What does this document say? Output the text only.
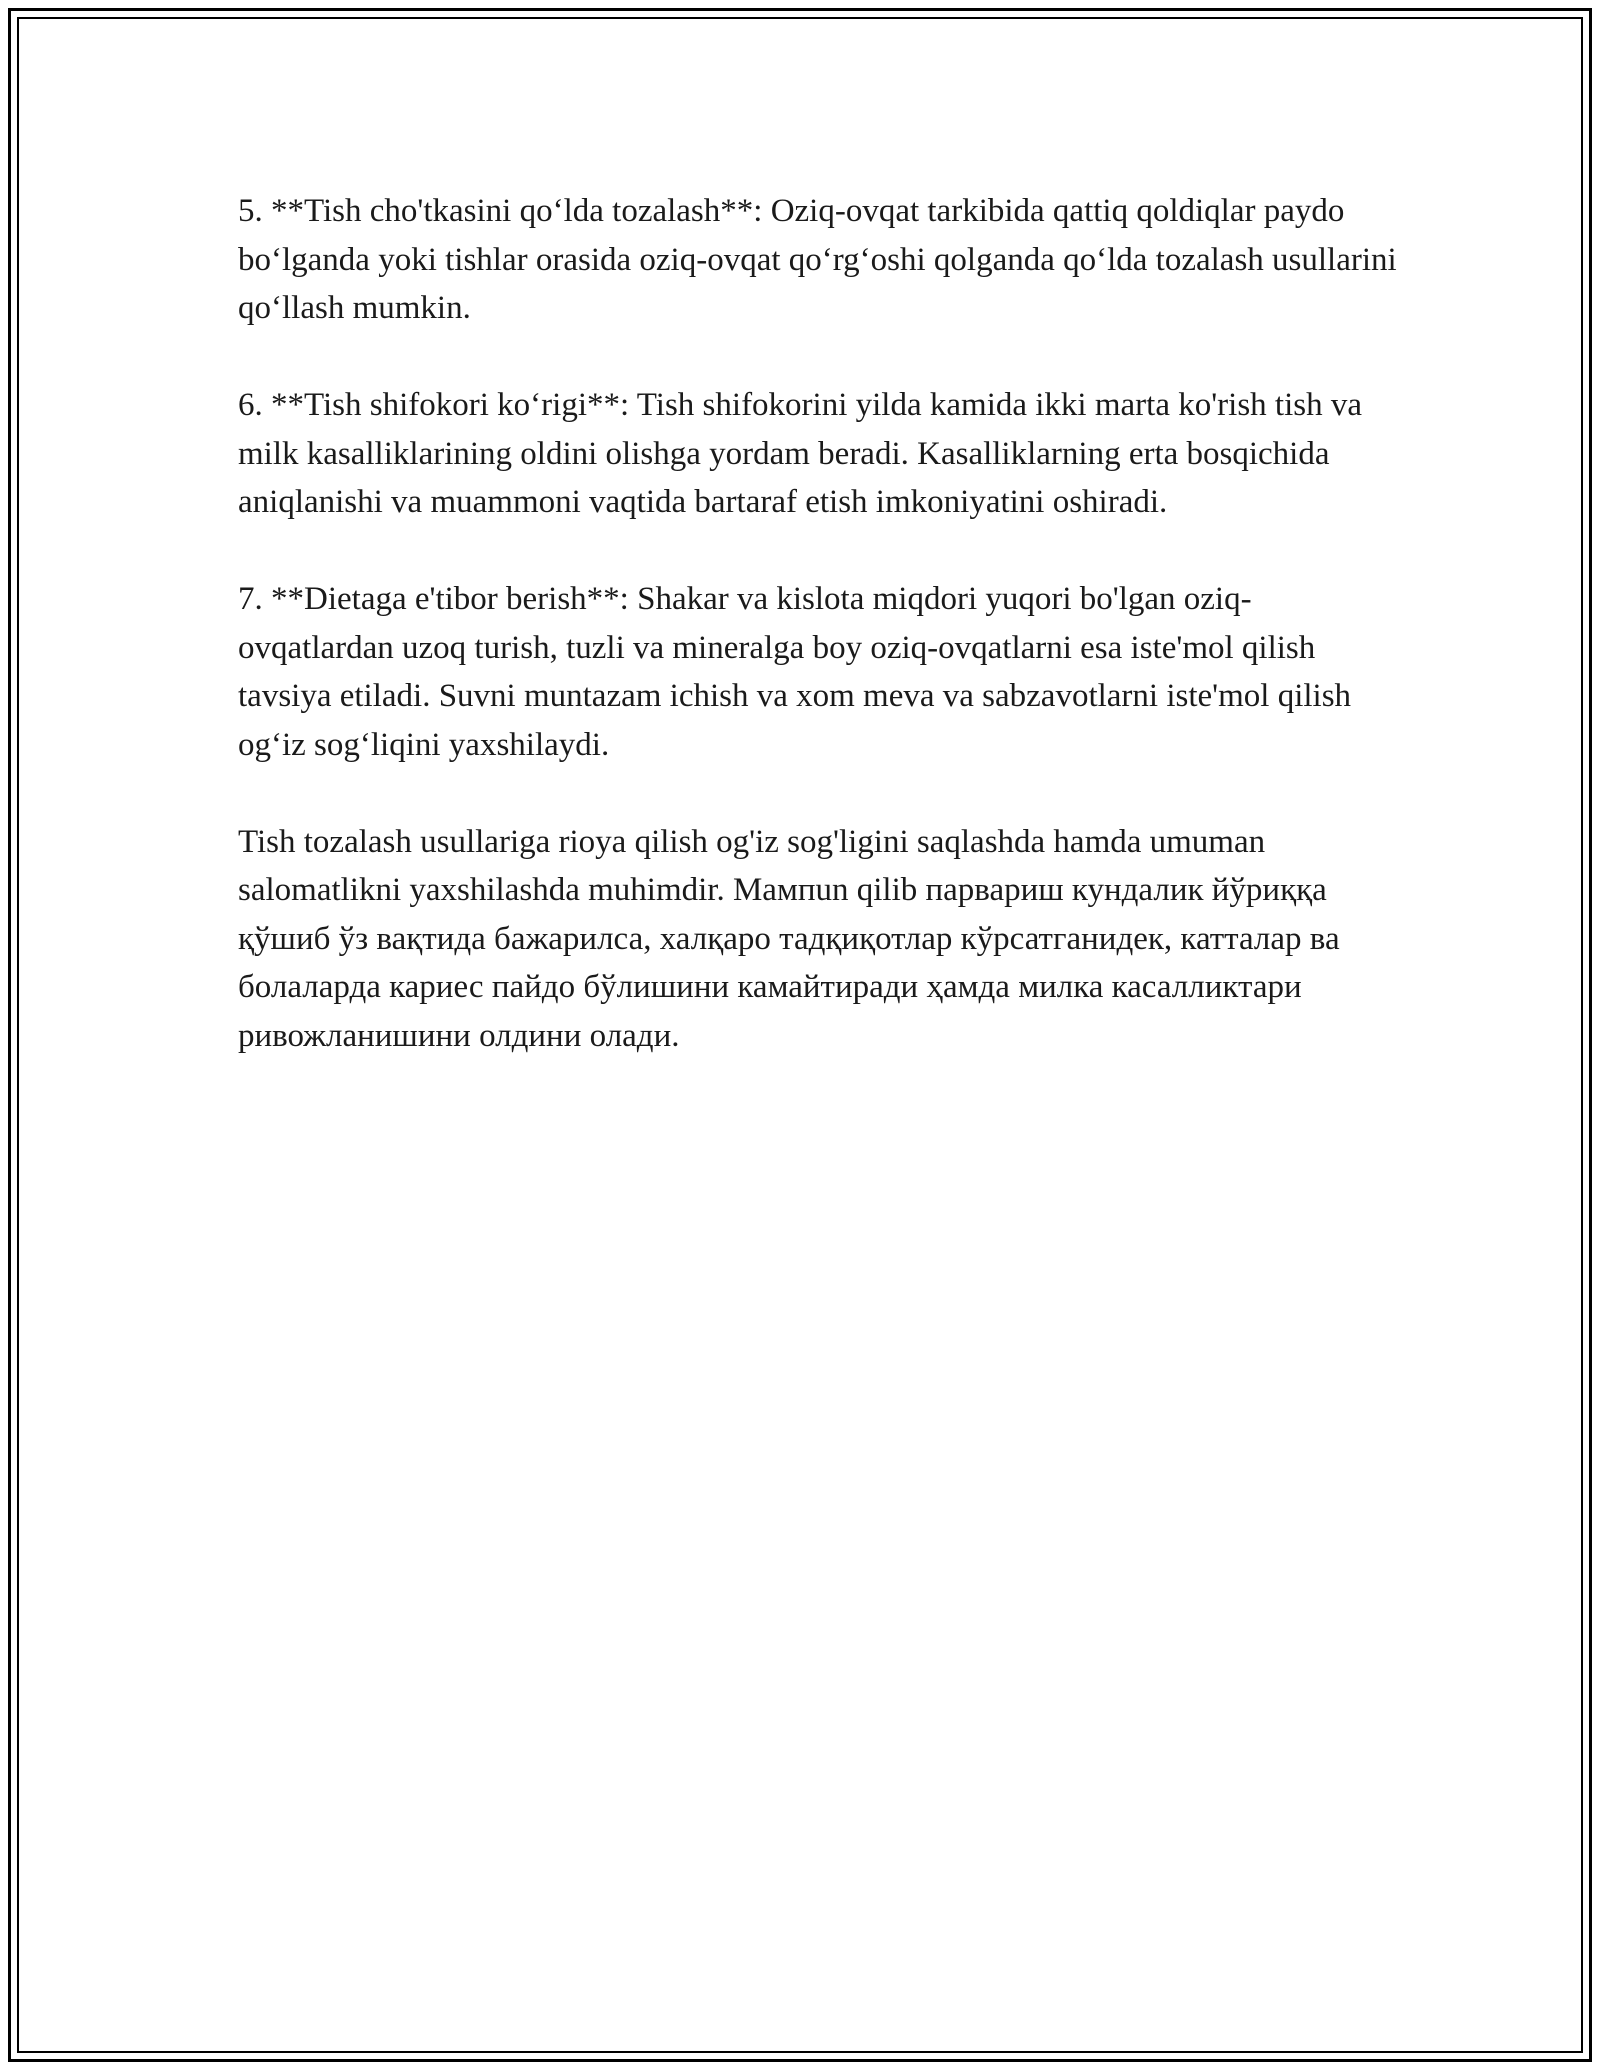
5. **Tish cho'tkasini qo‘lda tozalash**: Oziq-ovqat tarkibida qattiq qoldiqlar paydo bo‘lganda yoki tishlar orasida oziq-ovqat qo‘rg‘oshi qolganda qo‘lda tozalash usullarini qo‘llash mumkin.

6. **Tish shifokori ko‘rigi**: Tish shifokorini yilda kamida ikki marta ko'rish tish va milk kasalliklarining oldini olishga yordam beradi. Kasalliklarning erta bosqichida aniqlanishi va muammoni vaqtida bartaraf etish imkoniyatini oshiradi.

7. **Dietaga e'tibor berish**: Shakar va kislota miqdori yuqori bo'lgan oziq-ovqatlardan uzoq turish, tuzli va mineralga boy oziq-ovqatlarni esa iste'mol qilish tavsiya etiladi. Suvni muntazam ichish va xom meva va sabzavotlarni iste'mol qilish og‘iz sog‘liqini yaxshilaydi.

Tish tozalash usullariga rioya qilish og'iz sog'ligini saqlashda hamda umuman salomatlikni yaxshilashda muhimdir. Мампun qilib парвариш кундалик йўриққа қўшиб ўз вақтида бажарилса, халқаро тадқиқотлар кўрсатганидек, катталар ва болаларда кариес пайдо бўлишини камайтиради ҳамда милка касалликтари ривожланишини олдини олади.
